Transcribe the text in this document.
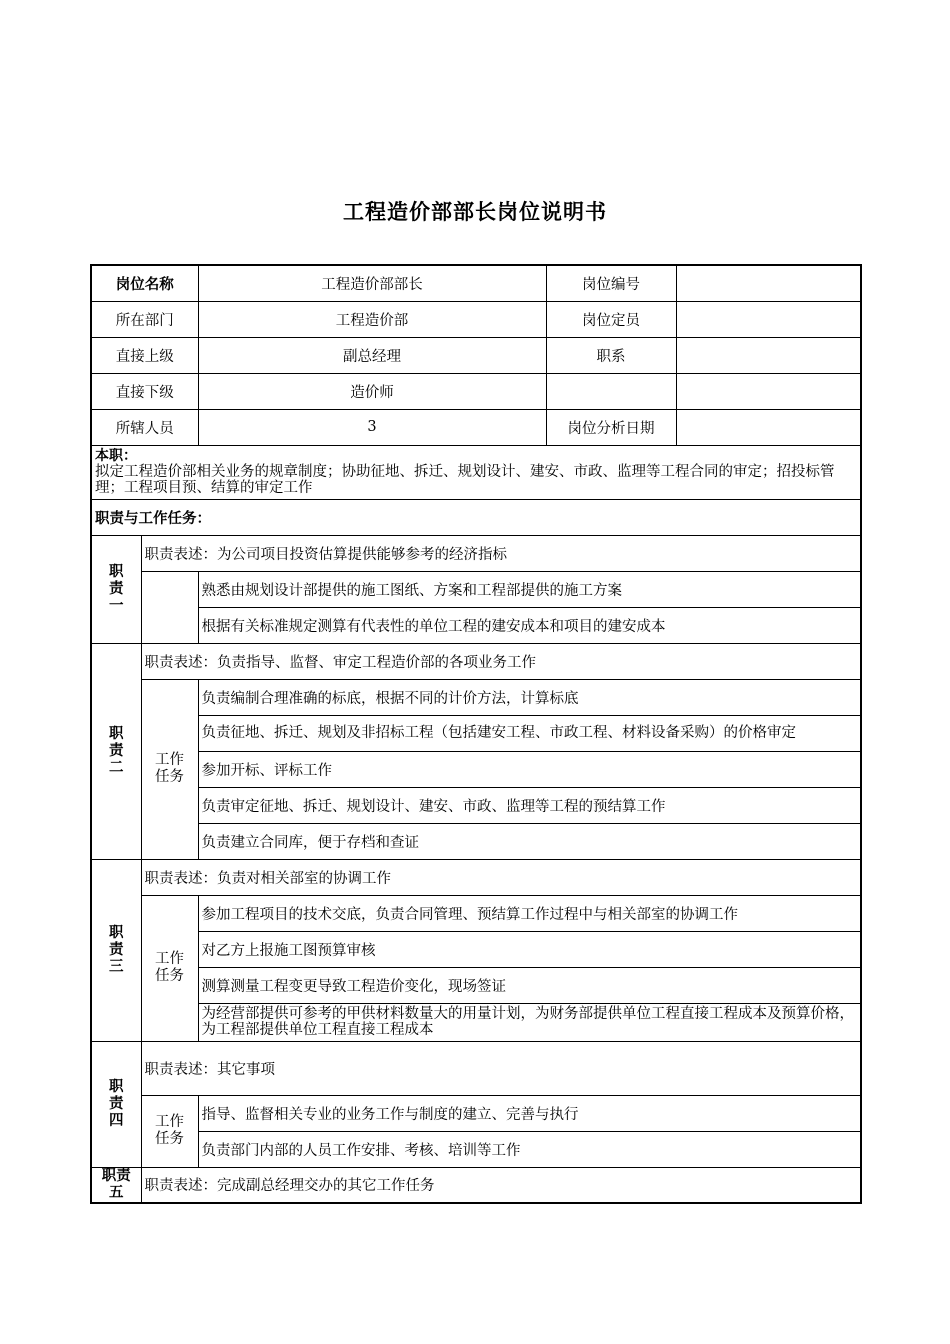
工程造价部部长岗位说明书
岗位名称		工程造价部部长	岗位编号	
所在部门		工程造价部	岗位定员	
直接上级		副总经理	职系	
直接下级		造价师		
所辖人员		3	岗位分析日期	

本职：
拟定工程造价部相关业务的规章制度；协助征地、拆迁、规划设计、建安、市政、监理等工程合同的审定；招投标管理；工程项目预、结算的审定工作				

职责与工作任务：				

职
责
一	职责表述：为公司项目投资估算提供能够参考的经济指标			
		熟悉由规划设计部提供的施工图纸、方案和工程部提供的施工方案		
		根据有关标准规定测算有代表性的单位工程的建安成本和项目的建安成本		

职
责
二	职责表述：负责指导、监督、审定工程造价部的各项业务工作			

	工作
任务	负责编制合理准确的标底，根据不同的计价方法，计算标底		
		负责征地、拆迁、规划及非招标工程（包括建安工程、市政工程、材料设备采购）的价格审定		
		参加开标、评标工作		
		负责审定征地、拆迁、规划设计、建安、市政、监理等工程的预结算工作		
		负责建立合同库，便于存档和查证		

职
责
三	职责表述：负责对相关部室的协调工作			

	工作
任务	参加工程项目的技术交底，负责合同管理、预结算工作过程中与相关部室的协调工作		
		对乙方上报施工图预算审核		
		测算测量工程变更导致工程造价变化，现场签证		
		为经营部提供可参考的甲供材料数量大的用量计划，为财务部提供单位工程直接工程成本及预算价格，为工程部提供单位工程直接工程成本		

职
责
四	职责表述：其它事项			

	工作
任务	指导、监督相关专业的业务工作与制度的建立、完善与执行		
		负责部门内部的人员工作安排、考核、培训等工作		

职责
五	职责表述：完成副总经理交办的其它工作任务			
